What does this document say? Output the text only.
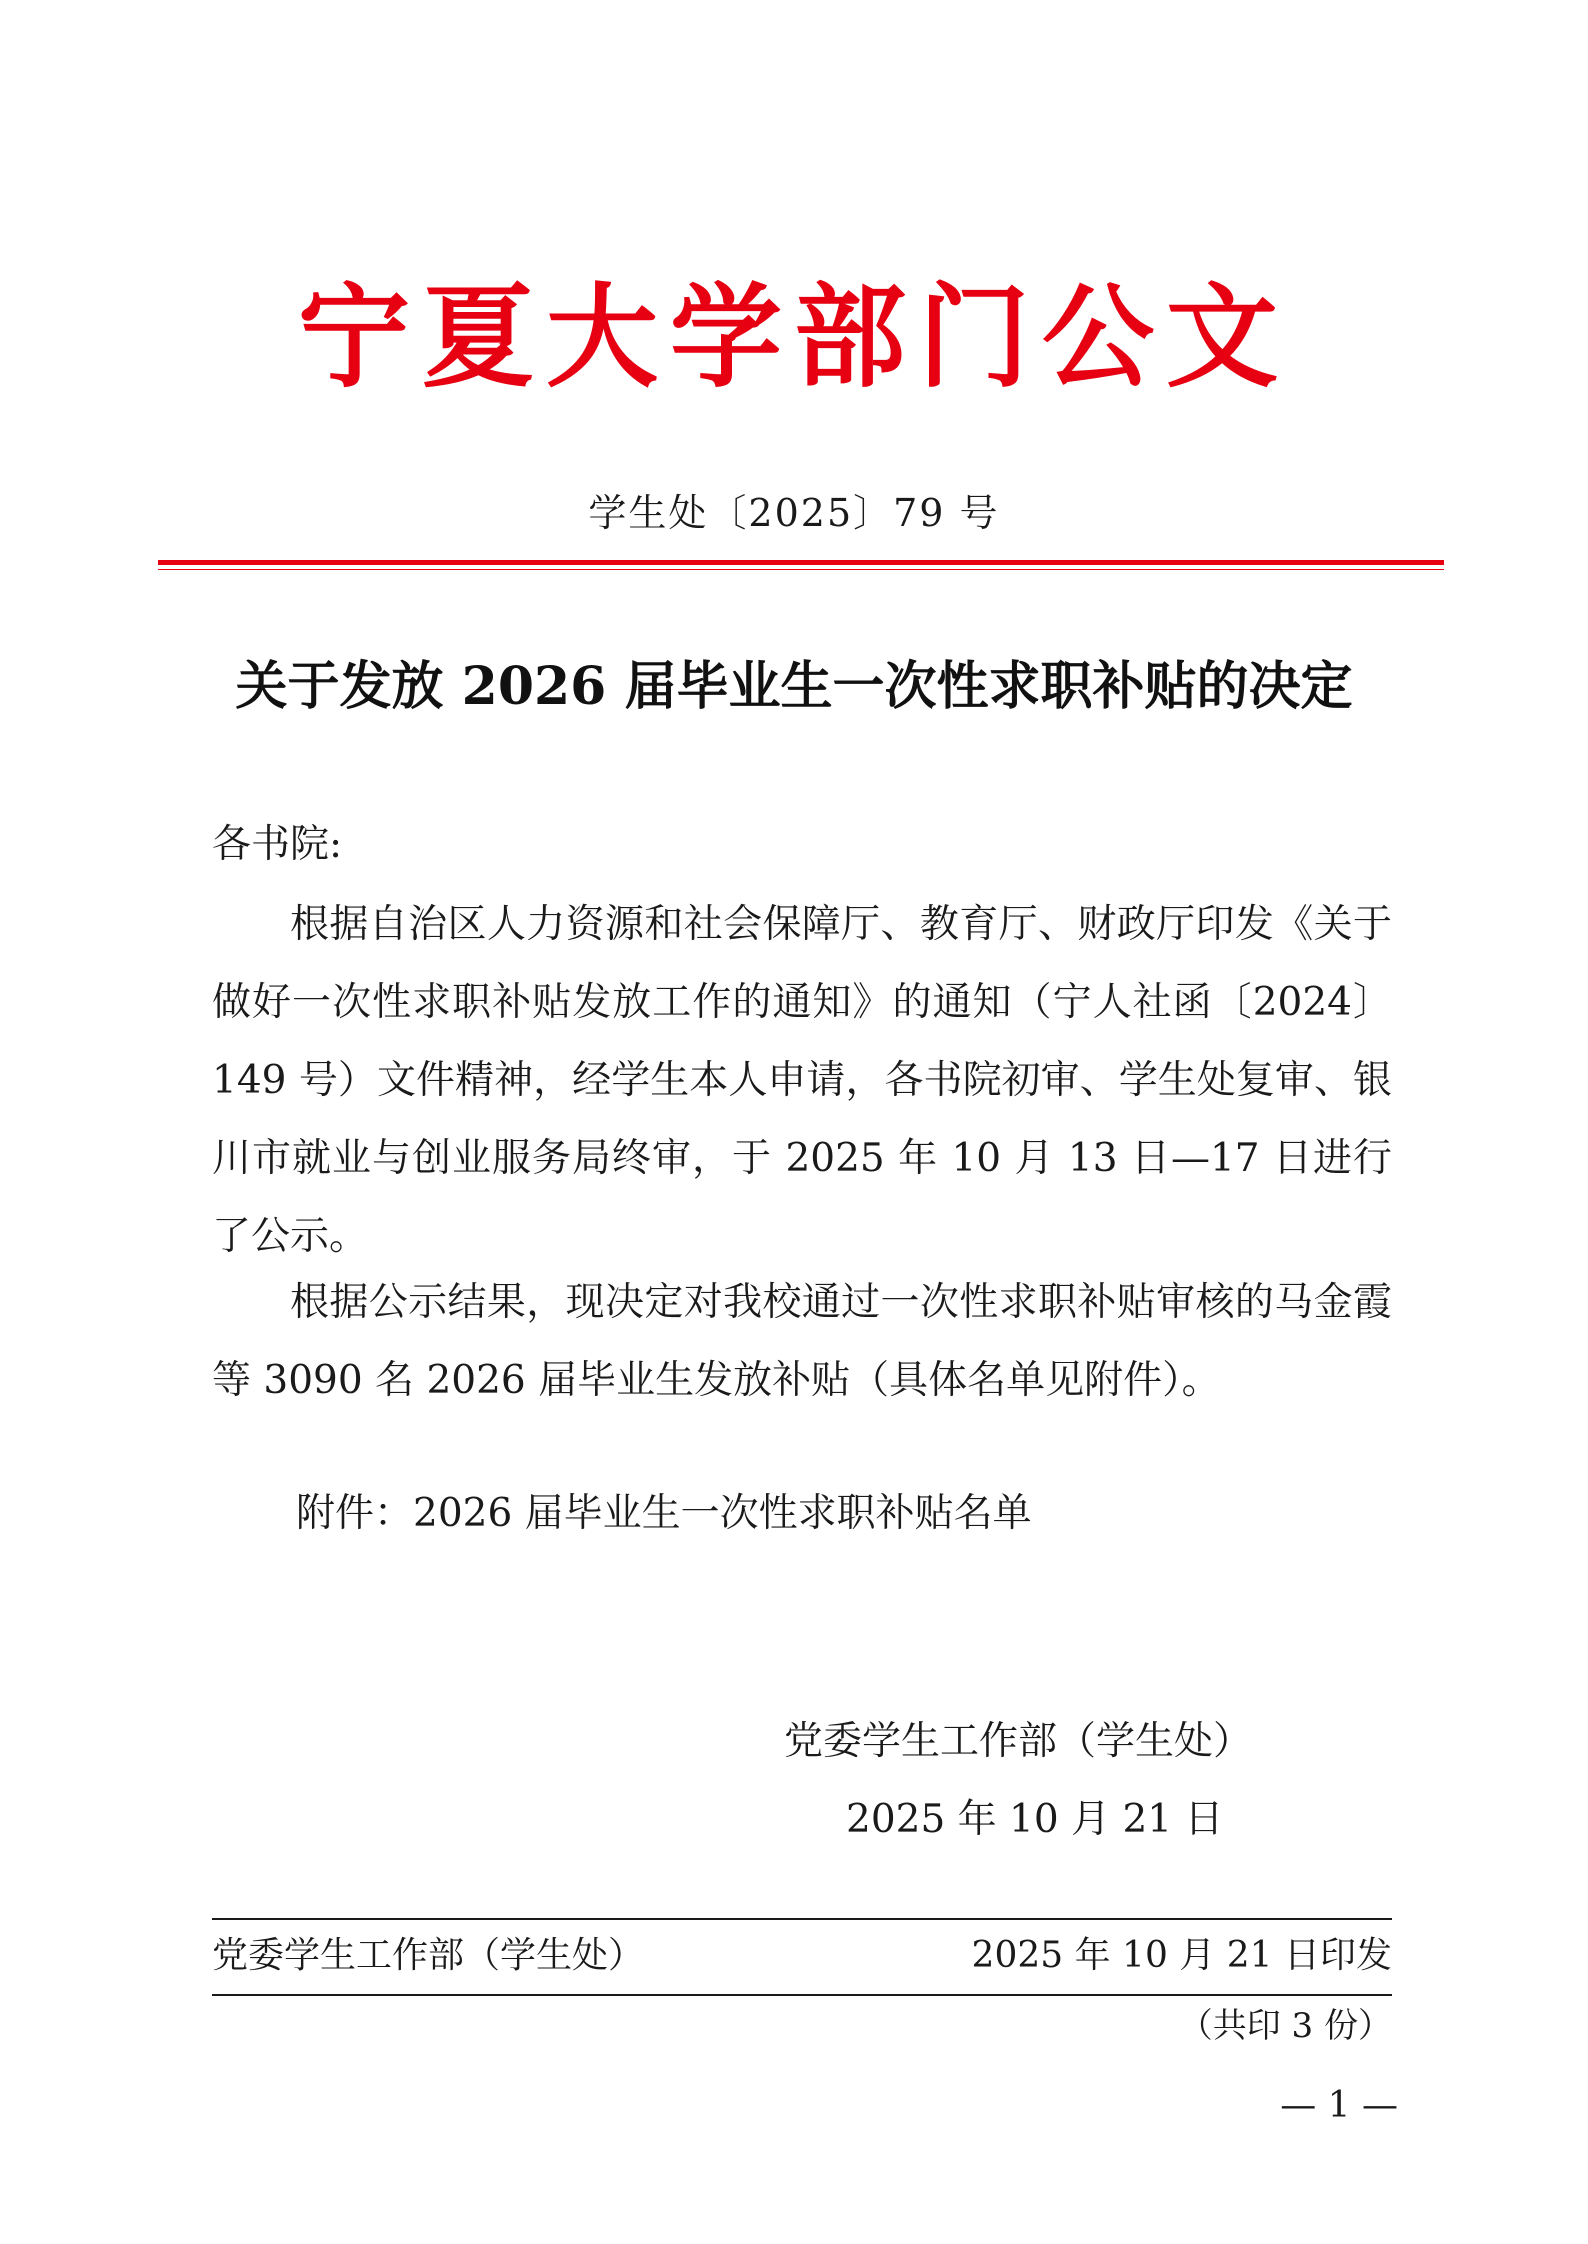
宁夏大学部门公文
学生处〔2025〕79 号
关于发放 2026 届毕业生一次性求职补贴的决定
各书院:

根据自治区人力资源和社会保障厅、教育厅、财政厅印发《关于做好一次性求职补贴发放工作的通知》的通知（宁人社函〔2024〕149 号）文件精神，经学生本人申请，各书院初审、学生处复审、银川市就业与创业服务局终审，于 2025 年 10 月 13 日—17 日进行了公示。

根据公示结果，现决定对我校通过一次性求职补贴审核的马金霞等 3090 名 2026 届毕业生发放补贴（具体名单见附件）。

附件：2026 届毕业生一次性求职补贴名单
党委学生工作部（学生处）
2025 年 10 月 21 日
党委学生工作部（学生处）	2025 年 10 月 21 日印发
（共印 3 份）
— 1 —
